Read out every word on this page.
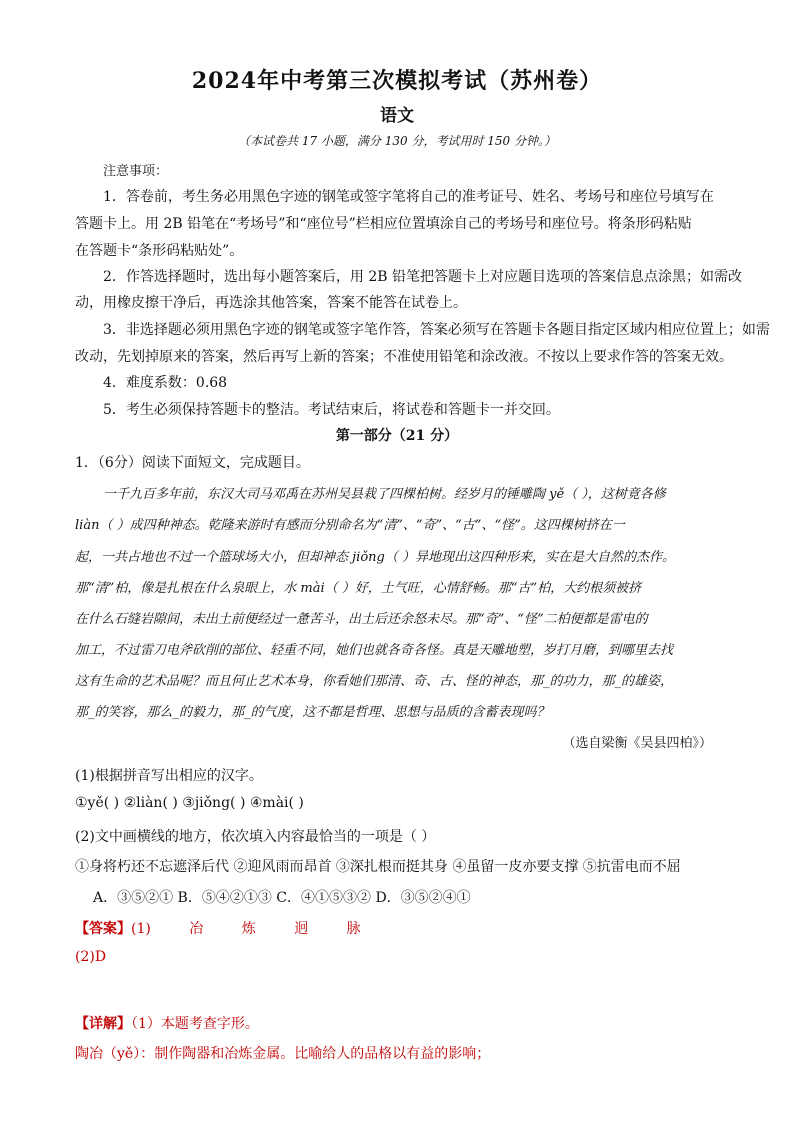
2024年中考第三次模拟考试（苏州卷）
语文
（本试卷共 17 小题，满分 130 分，考试用时 150 分钟。）
注意事项：
1．答卷前，考生务必用黑色字迹的钢笔或签字笔将自己的准考证号、姓名、考场号和座位号填写在
答题卡上。用 2B 铅笔在“考场号”和“座位号”栏相应位置填涂自己的考场号和座位号。将条形码粘贴
在答题卡“条形码粘贴处”。
2．作答选择题时，选出每小题答案后，用 2B 铅笔把答题卡上对应题目选项的答案信息点涂黑；如需改
动，用橡皮擦干净后，再选涂其他答案，答案不能答在试卷上。
3．非选择题必须用黑色字迹的钢笔或签字笔作答，答案必须写在答题卡各题目指定区域内相应位置上；如需
改动，先划掉原来的答案，然后再写上新的答案；不准使用铅笔和涂改液。不按以上要求作答的答案无效。
4．难度系数：0.68
5．考生必须保持答题卡的整洁。考试结束后，将试卷和答题卡一并交回。
第一部分（21 分）
1．（6分）阅读下面短文，完成题目。
一千九百多年前，东汉大司马邓禹在苏州吴县栽了四棵柏树。经岁月的锤雕陶 yě（ ），这树竟各修
liàn（ ）成四种神态。乾隆来游时有感而分别命名为“清”、“奇”、“古”、“怪”。这四棵树挤在一
起，一共占地也不过一个篮球场大小，但却神态 jiǒng（ ）异地现出这四种形来，实在是大自然的杰作。
那“清”柏，像是扎根在什么泉眼上，水 mài（ ）好，土气旺，心情舒畅。那“古”柏，大约根须被挤
在什么石缝岩隙间，未出土前便经过一惫苦斗，出土后还余怒未尽。那“奇”、“怪”二柏便都是雷电的
加工，不过雷刀电斧砍削的部位、轻重不同，她们也就各奇各怪。真是天雕地塑，岁打月磨，到哪里去找
这有生命的艺术品呢？而且何止艺术本身，你看她们那清、奇、古、怪的神态，那_的功力，那_的雄姿，
那_的笑容，那么_的毅力，那_的气度，这不都是哲理、思想与品质的含蓄表现吗？
（选自梁衡《吴县四柏》）
(1)根据拼音写出相应的汉字。
①yě( ) ②liàn( ) ③jiǒng( ) ④mài( )
(2)文中画横线的地方，依次填入内容最恰当的一项是（ ）
①身将朽还不忘遮泽后代 ②迎风雨而昂首 ③深扎根而挺其身 ④虽留一皮亦要支撑 ⑤抗雷电而不屈
A．③⑤②① B．⑤④②①③ C．④①⑤③② D．③⑤②④①
【答案】(1)	冶	炼	迥	脉
(2)D
【详解】（1）本题考查字形。
陶冶（yě）：制作陶器和冶炼金属。比喻给人的品格以有益的影响；
